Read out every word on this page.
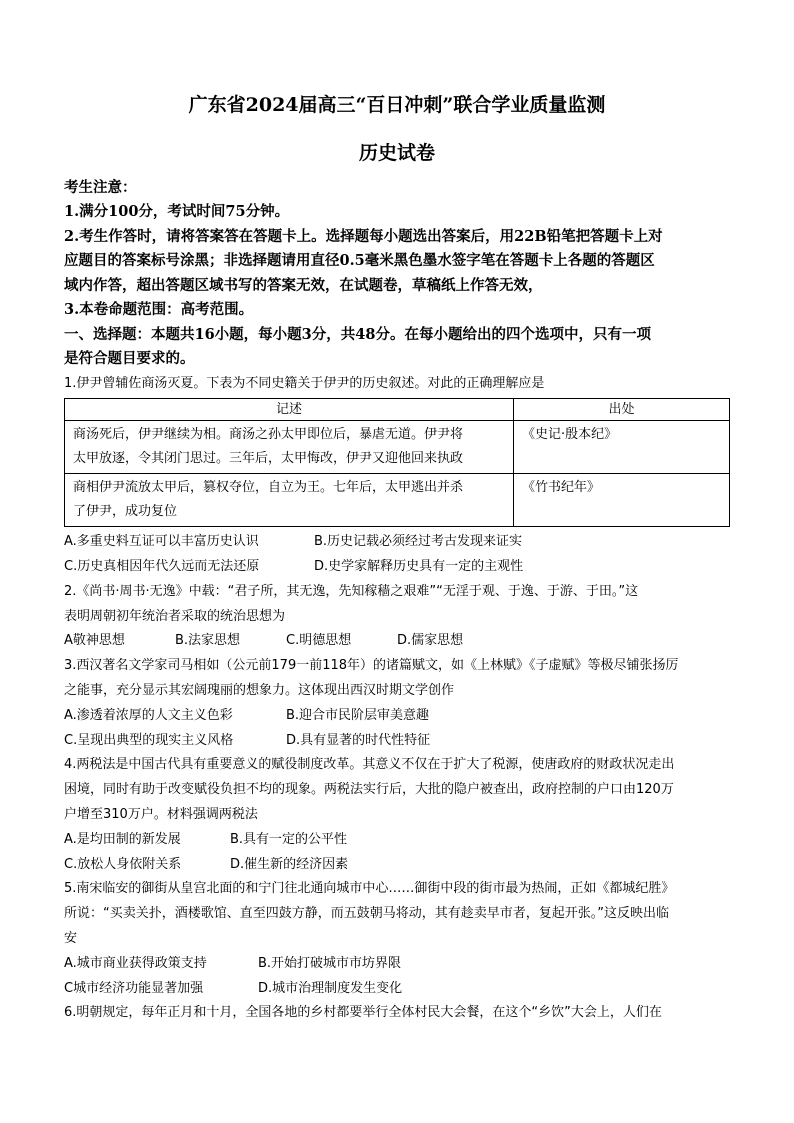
广东省2024届高三“百日冲刺”联合学业质量监测
历史试卷
考生注意：

1.满分100分，考试时间75分钟。

2.考生作答时，请将答案答在答题卡上。选择题每小题选出答案后，用22B铅笔把答题卡上对

应题目的答案标号涂黑；非选择题请用直径0.5毫米黑色墨水签字笔在答题卡上各题的答题区

域内作答，超出答题区域书写的答案无效，在试题卷，草稿纸上作答无效，

3.本卷命题范围：高考范围。

一、选择题：本题共16小题，每小题3分，共48分。在每小题给出的四个选项中，只有一项

是符合题目要求的。

1.伊尹曾辅佐商汤灭夏。下表为不同史籍关于伊尹的历史叙述。对此的正确理解应是

记述	出处

商汤死后，伊尹继续为相。商汤之孙太甲即位后，暴虐无道。伊尹将
太甲放逐，令其闭门思过。三年后，太甲悔改，伊尹又迎他回来执政	《史记·殷本纪》

商相伊尹流放太甲后，篡权夺位，自立为王。七年后，太甲逃出并杀
了伊尹，成功复位	《竹书纪年》
A.多重史料互证可以丰富历史认识	B.历史记载必须经过考古发现来证实
C.历史真相因年代久远而无法还原	D.史学家解释历史具有一定的主观性

2.《尚书·周书·无逸》中载：“君子所，其无逸，先知稼穑之艰难”“无淫于观、于逸、于游、于田。”这

表明周朝初年统治者采取的统治思想为

A敬神思想	B.法家思想	C.明德思想	D.儒家思想

3.西汉著名文学家司马相如（公元前179一前118年）的诸篇赋文，如《上林赋》《子虚赋》等极尽铺张扬厉

之能事，充分显示其宏阔瑰丽的想象力。这体现出西汉时期文学创作

A.渗透着浓厚的人文主义色彩	B.迎合市民阶层审美意趣
C.呈现出典型的现实主义风格	D.具有显著的时代性特征

4.两税法是中国古代具有重要意义的赋役制度改革。其意义不仅在于扩大了税源，使唐政府的财政状况走出

困境，同时有助于改变赋役负担不均的现象。两税法实行后，大批的隐户被查出，政府控制的户口由120万

户增至310万户。材料强调两税法

A.是均田制的新发展	B.具有一定的公平性
C.放松人身依附关系	D.催生新的经济因素

5.南宋临安的御街从皇宫北面的和宁门往北通向城市中心……御街中段的街市最为热闹，正如《都城纪胜》

所说：“买卖关扑，酒楼歌馆、直至四鼓方静，而五鼓朝马将动，其有趁卖早市者，复起开张。”这反映出临

安

A.城市商业获得政策支持	B.开始打破城市市坊界限
C城市经济功能显著加强	D.城市治理制度发生变化

6.明朝规定，每年正月和十月，全国各地的乡村都要举行全体村民大会餐，在这个“乡饮”大会上，人们在
